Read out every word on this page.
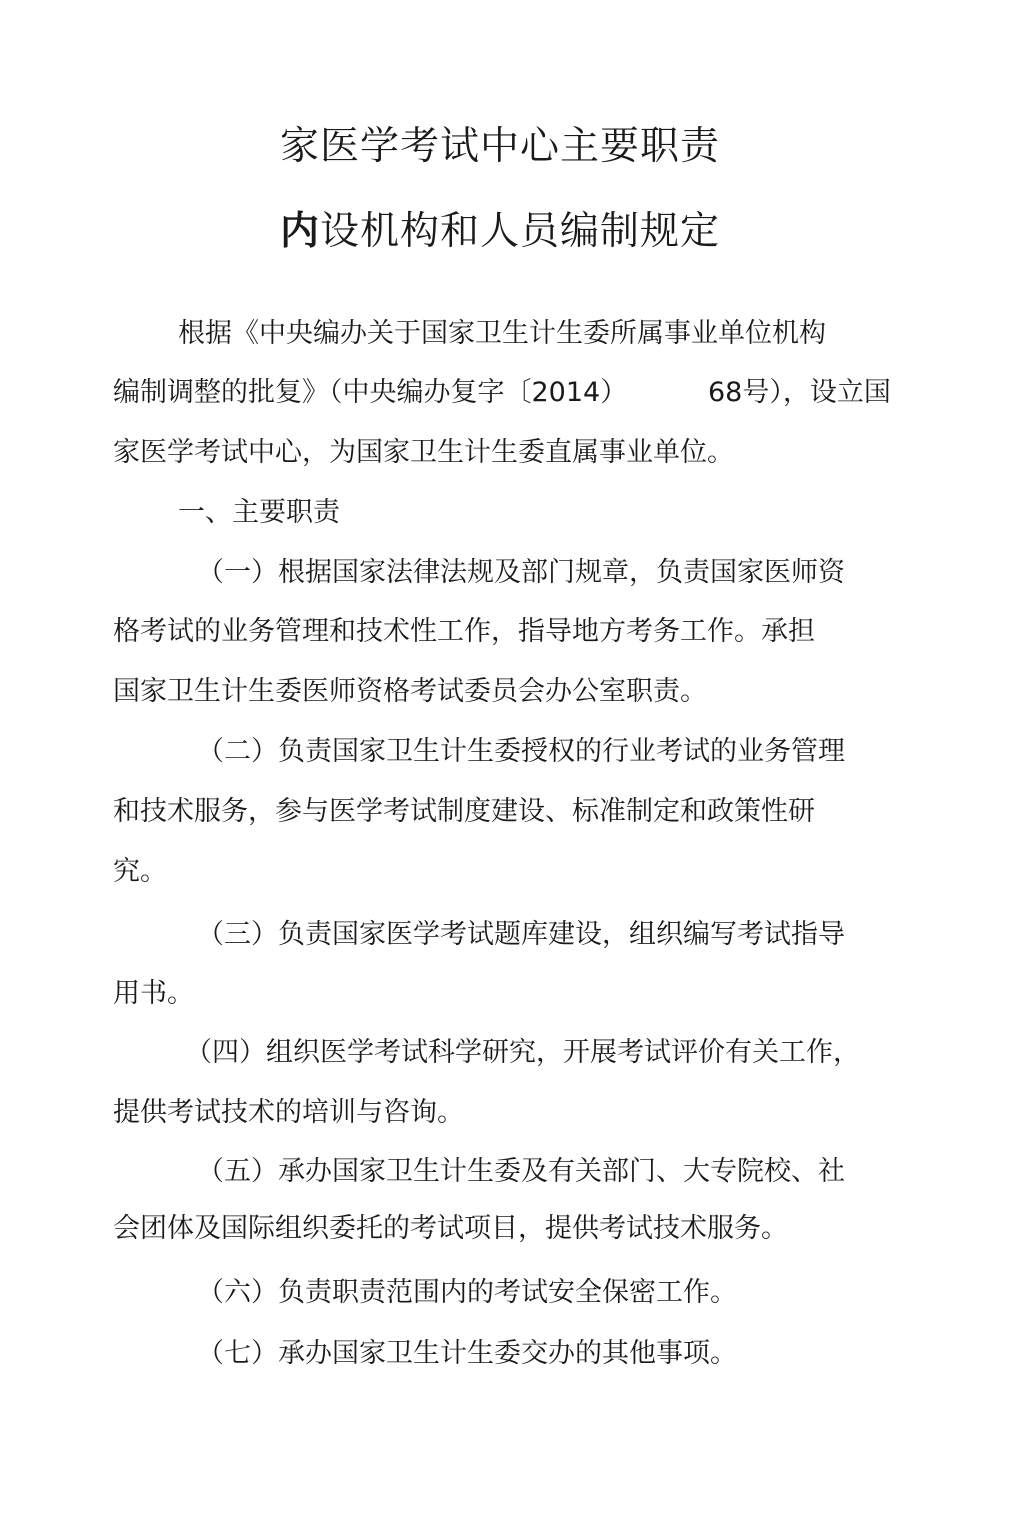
家医学考试中心主要职责
内设机构和人员编制规定
根据《中央编办关于国家卫生计生委所属事业单位机构
编制调整的批复》（中央编办复字〔2014）	68号），设立国
家医学考试中心，为国家卫生计生委直属事业单位。
一、主要职责
（一）根据国家法律法规及部门规章，负责国家医师资
格考试的业务管理和技术性工作，指导地方考务工作。承担
国家卫生计生委医师资格考试委员会办公室职责。
（二）负责国家卫生计生委授权的行业考试的业务管理
和技术服务，参与医学考试制度建设、标准制定和政策性研
究。
（三）负责国家医学考试题库建设，组织编写考试指导
用书。
（四）组织医学考试科学研究，开展考试评价有关工作，
提供考试技术的培训与咨询。
（五）承办国家卫生计生委及有关部门、大专院校、社
会团体及国际组织委托的考试项目，提供考试技术服务。
（六）负责职责范围内的考试安全保密工作。
（七）承办国家卫生计生委交办的其他事项。
